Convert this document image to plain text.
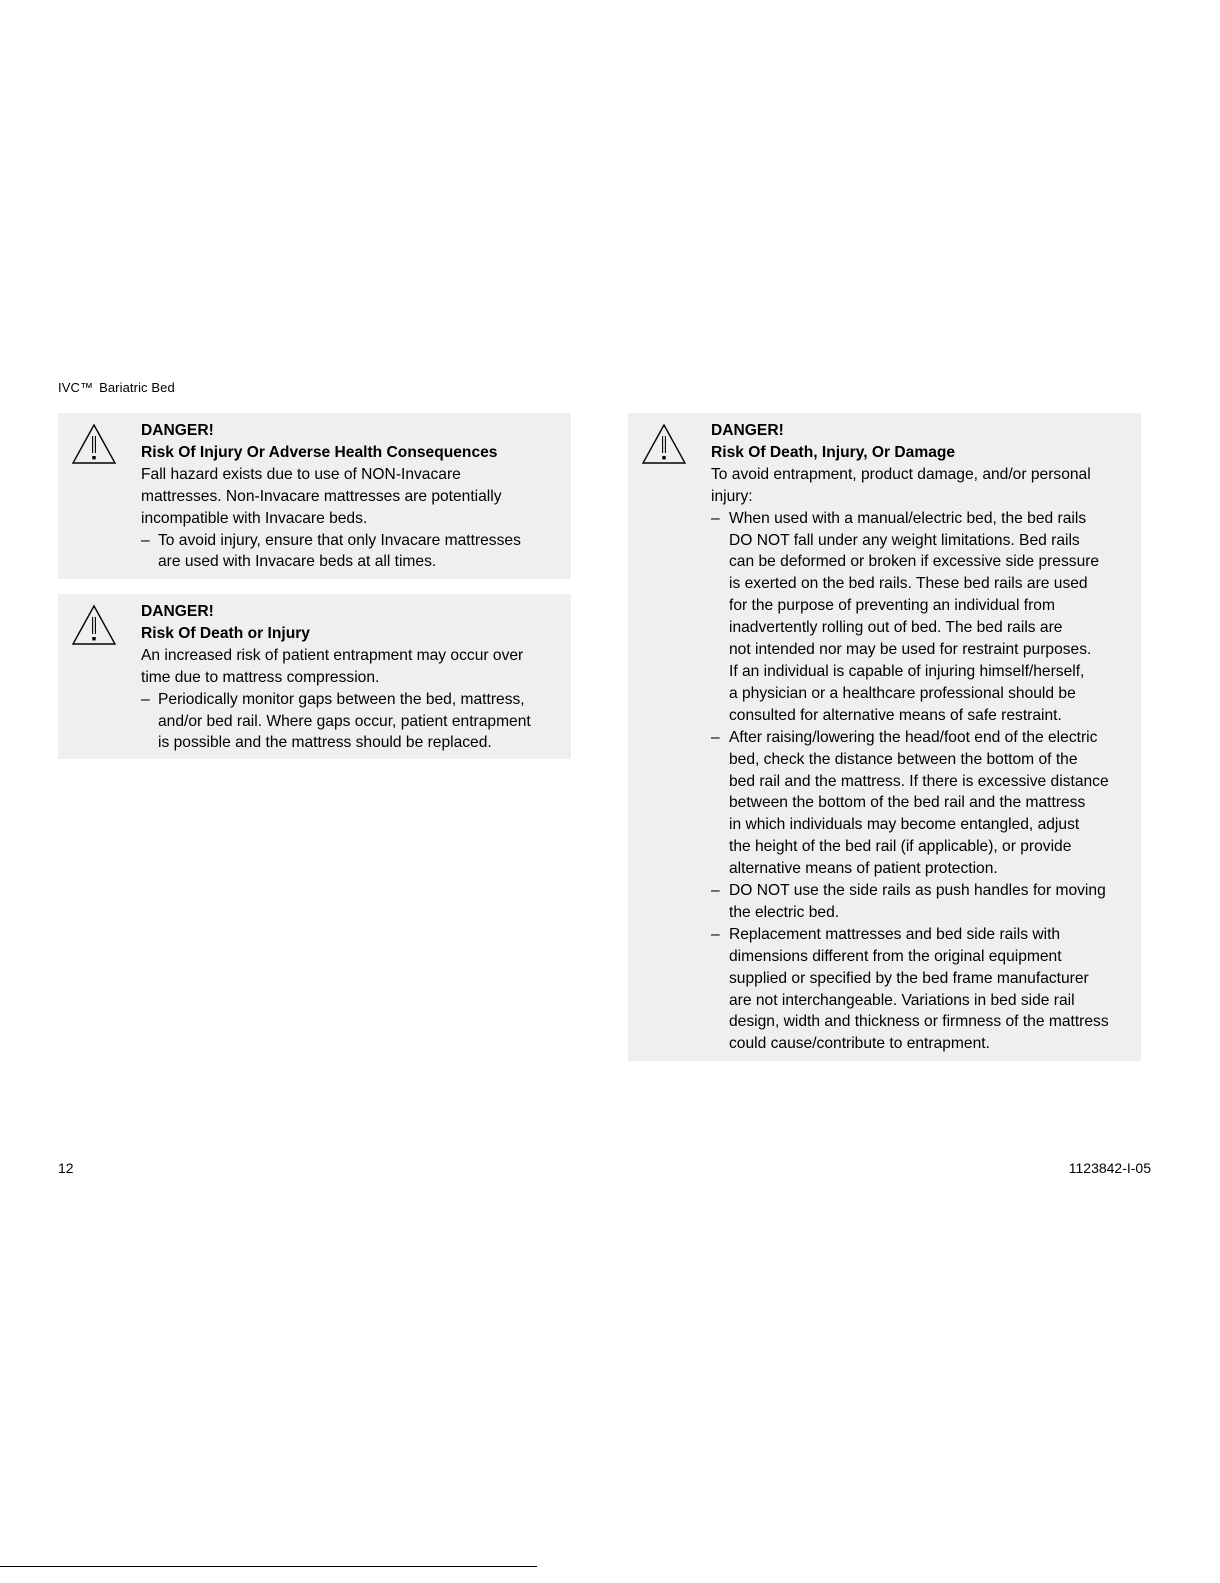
IVC™ Bariatric Bed
DANGER!
Risk Of Injury Or Adverse Health Consequences
Fall hazard exists due to use of NON-Invacare
mattresses. Non-Invacare mattresses are potentially
incompatible with Invacare beds.
– To avoid injury, ensure that only Invacare mattresses
are used with Invacare beds at all times.
DANGER!
Risk Of Death or Injury
An increased risk of patient entrapment may occur over
time due to mattress compression.
– Periodically monitor gaps between the bed, mattress,
and/or bed rail. Where gaps occur, patient entrapment
is possible and the mattress should be replaced.
DANGER!
Risk Of Death, Injury, Or Damage
To avoid entrapment, product damage, and/or personal
injury:
– When used with a manual/electric bed, the bed rails
DO NOT fall under any weight limitations. Bed rails
can be deformed or broken if excessive side pressure
is exerted on the bed rails. These bed rails are used
for the purpose of preventing an individual from
inadvertently rolling out of bed. The bed rails are
not intended nor may be used for restraint purposes.
If an individual is capable of injuring himself/herself,
a physician or a healthcare professional should be
consulted for alternative means of safe restraint.
– After raising/lowering the head/foot end of the electric
bed, check the distance between the bottom of the
bed rail and the mattress. If there is excessive distance
between the bottom of the bed rail and the mattress
in which individuals may become entangled, adjust
the height of the bed rail (if applicable), or provide
alternative means of patient protection.
– DO NOT use the side rails as push handles for moving
the electric bed.
– Replacement mattresses and bed side rails with
dimensions different from the original equipment
supplied or specified by the bed frame manufacturer
are not interchangeable. Variations in bed side rail
design, width and thickness or firmness of the mattress
could cause/contribute to entrapment.
12	1123842-I-05
